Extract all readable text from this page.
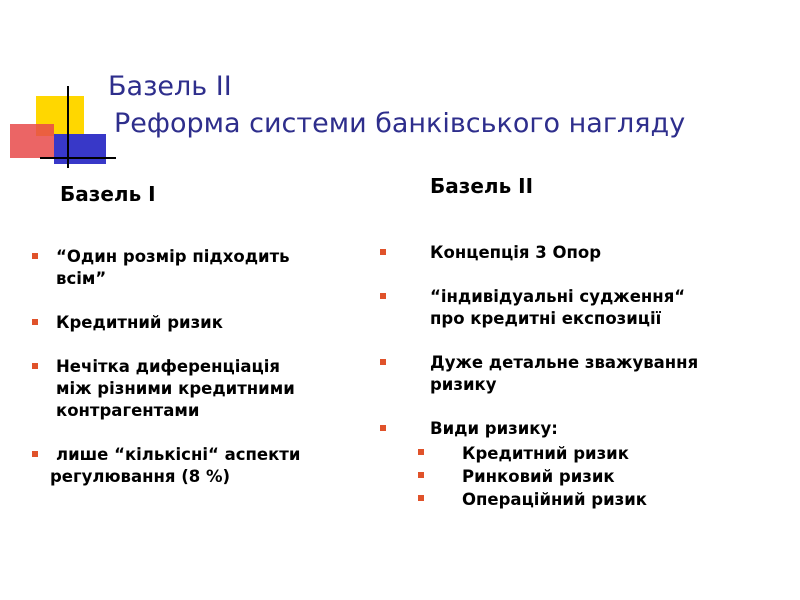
Базель II
Реформа системи банківського нагляду
Базель I
“Один розмір підходить
всім”
Кредитний ризик
Нечітка диференціація
між різними кредитними
контрагентами
лише “кількісні“ аспекти
регулювання (8 %)
Базель II
Концепція 3 Опор
“індивідуальні судження“
про кредитні експозиції
Дуже детальне зважування
ризику
Види ризику:
Кредитний ризик
Ринковий ризик
Операційний ризик
